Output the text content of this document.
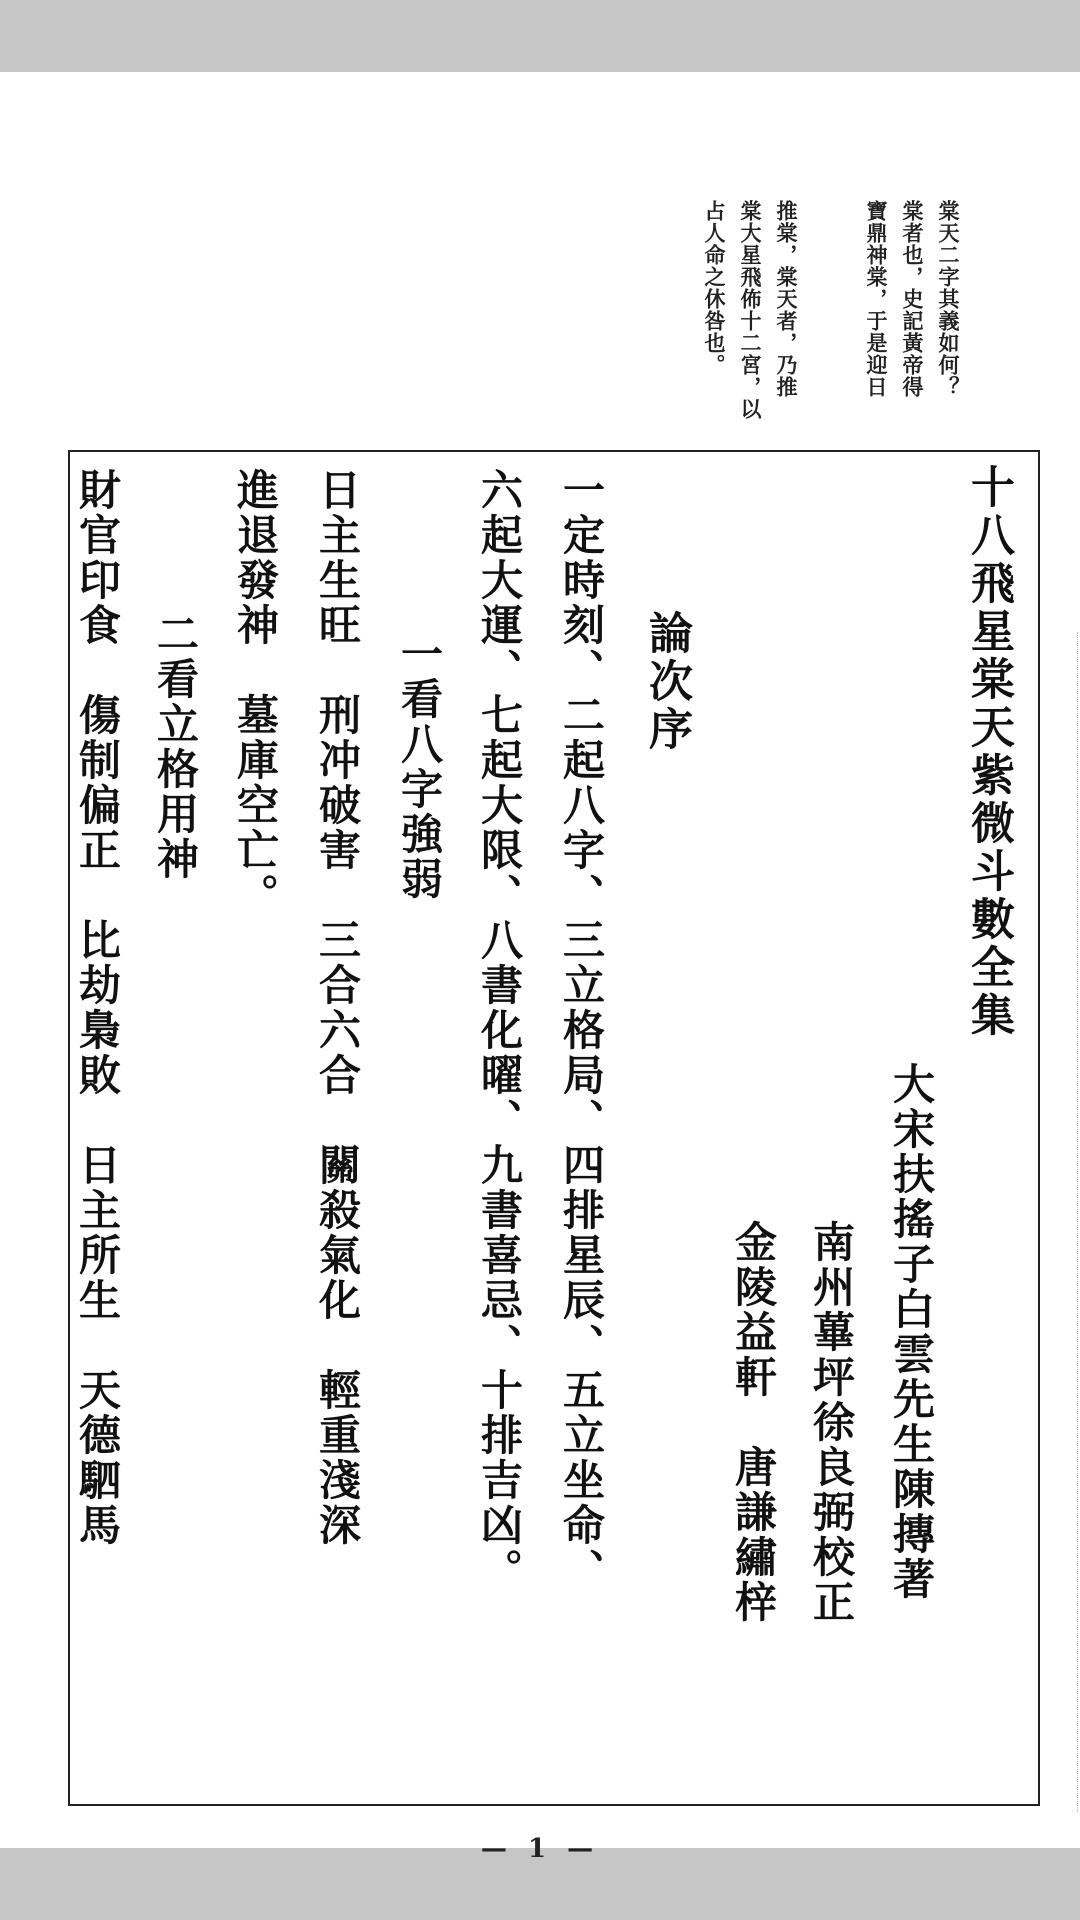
棠天二字其義如何？
棠者也，史記黃帝得
寶鼎神棠，于是迎日
推棠，棠天者，乃推
棠大星飛佈十二宮，以
占人命之休咎也。
十八飛星棠天紫微斗數全集
大宋扶搖子白雲先生陳摶著
南州蓽坪徐良弼校正
金陵益軒　唐謙繡梓
論次序
一定時刻、二起八字、三立格局、四排星辰、五立坐命、
六起大運、七起大限、八書化曜、九書喜忌、十排吉凶。
一看八字強弱
日主生旺　刑冲破害　三合六合　關殺氣化　輕重淺深
進退發神　墓庫空亡。
二看立格用神
財官印食　傷制偏正　比劫梟敗　日主所生　天德駟馬
— 1 —
